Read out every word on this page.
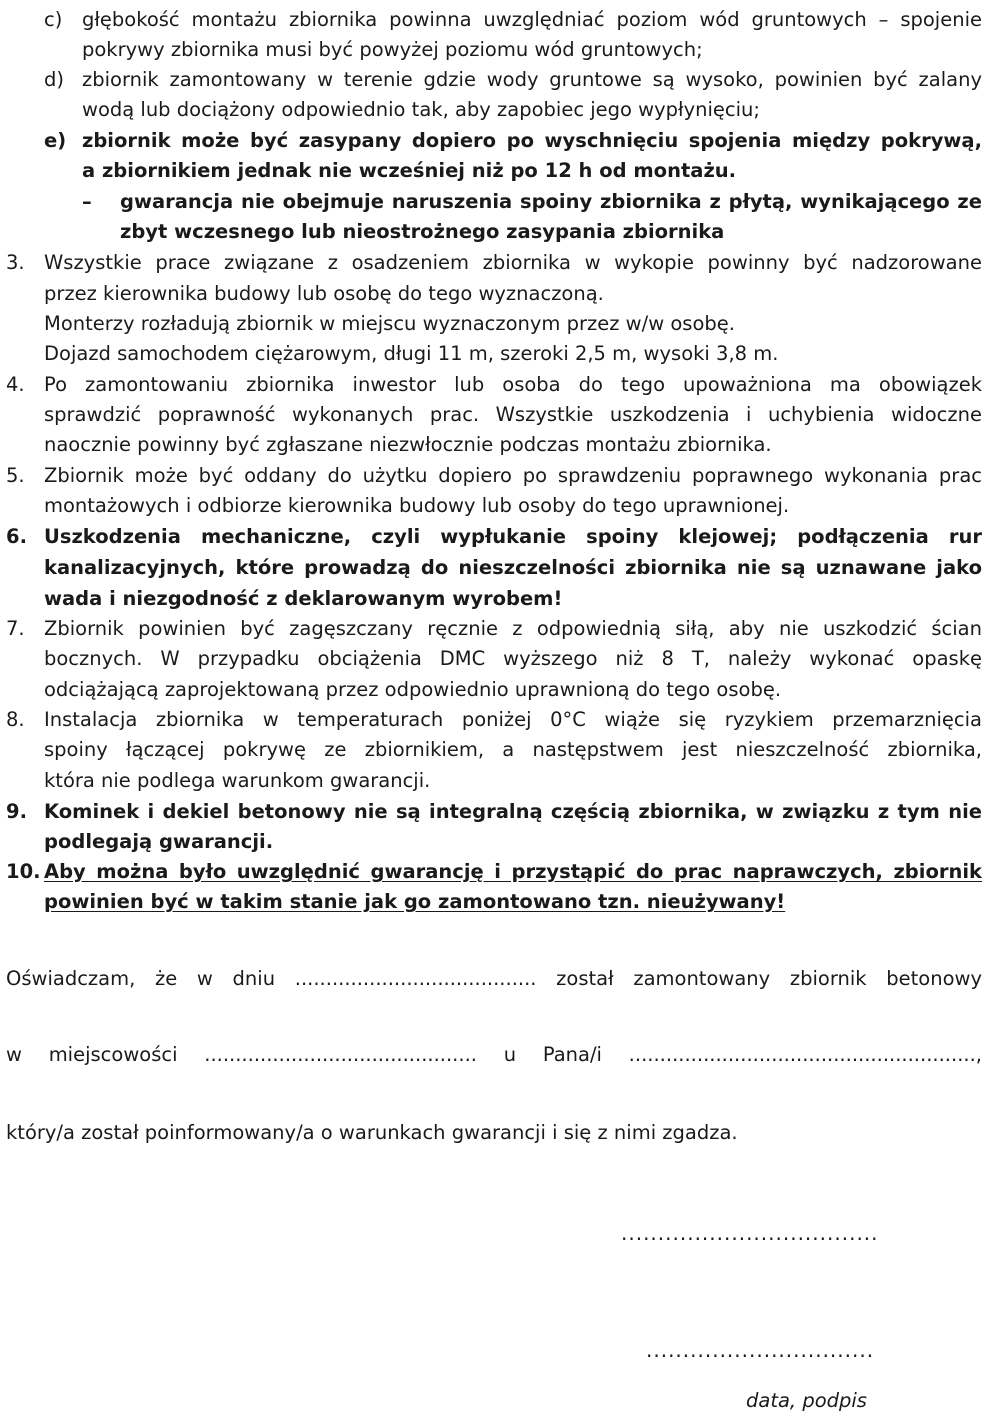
c) głębokość montażu zbiornika powinna uwzględniać poziom wód gruntowych – spojenie
pokrywy zbiornika musi być powyżej poziomu wód gruntowych;
d) zbiornik zamontowany w terenie gdzie wody gruntowe są wysoko, powinien być zalany
wodą lub dociążony odpowiednio tak, aby zapobiec jego wypłynięciu;
e) zbiornik może być zasypany dopiero po wyschnięciu spojenia między pokrywą,
a zbiornikiem jednak nie wcześniej niż po 12 h od montażu.
– gwarancja nie obejmuje naruszenia spoiny zbiornika z płytą, wynikającego ze
zbyt wczesnego lub nieostrożnego zasypania zbiornika
3. Wszystkie prace związane z osadzeniem zbiornika w wykopie powinny być nadzorowane
przez kierownika budowy lub osobę do tego wyznaczoną.
Monterzy rozładują zbiornik w miejscu wyznaczonym przez w/w osobę.
Dojazd samochodem ciężarowym, długi 11 m, szeroki 2,5 m, wysoki 3,8 m.
4. Po zamontowaniu zbiornika inwestor lub osoba do tego upoważniona ma obowiązek
sprawdzić poprawność wykonanych prac. Wszystkie uszkodzenia i uchybienia widoczne
naocznie powinny być zgłaszane niezwłocznie podczas montażu zbiornika.
5. Zbiornik może być oddany do użytku dopiero po sprawdzeniu poprawnego wykonania prac
montażowych i odbiorze kierownika budowy lub osoby do tego uprawnionej.
6. Uszkodzenia mechaniczne, czyli wypłukanie spoiny klejowej; podłączenia rur
kanalizacyjnych, które prowadzą do nieszczelności zbiornika nie są uznawane jako
wada i niezgodność z deklarowanym wyrobem!
7. Zbiornik powinien być zagęszczany ręcznie z odpowiednią siłą, aby nie uszkodzić ścian
bocznych. W przypadku obciążenia DMC wyższego niż 8 T, należy wykonać opaskę
odciążającą zaprojektowaną przez odpowiednio uprawnioną do tego osobę.
8. Instalacja zbiornika w temperaturach poniżej 0°C wiąże się ryzykiem przemarznięcia
spoiny łączącej pokrywę ze zbiornikiem, a następstwem jest nieszczelność zbiornika,
która nie podlega warunkom gwarancji.
9. Kominek i dekiel betonowy nie są integralną częścią zbiornika, w związku z tym nie
podlegają gwarancji.
10. Aby można było uwzględnić gwarancję i przystąpić do prac naprawczych, zbiornik
powinien być w takim stanie jak go zamontowano tzn. nieużywany!
Oświadczam, że w dniu ....................................... został zamontowany zbiornik betonowy
w miejscowości ............................................ u Pana/i ........................................................,
który/a został poinformowany/a o warunkach gwarancji i się z nimi zgadza.
...................................
...............................
data, podpis
